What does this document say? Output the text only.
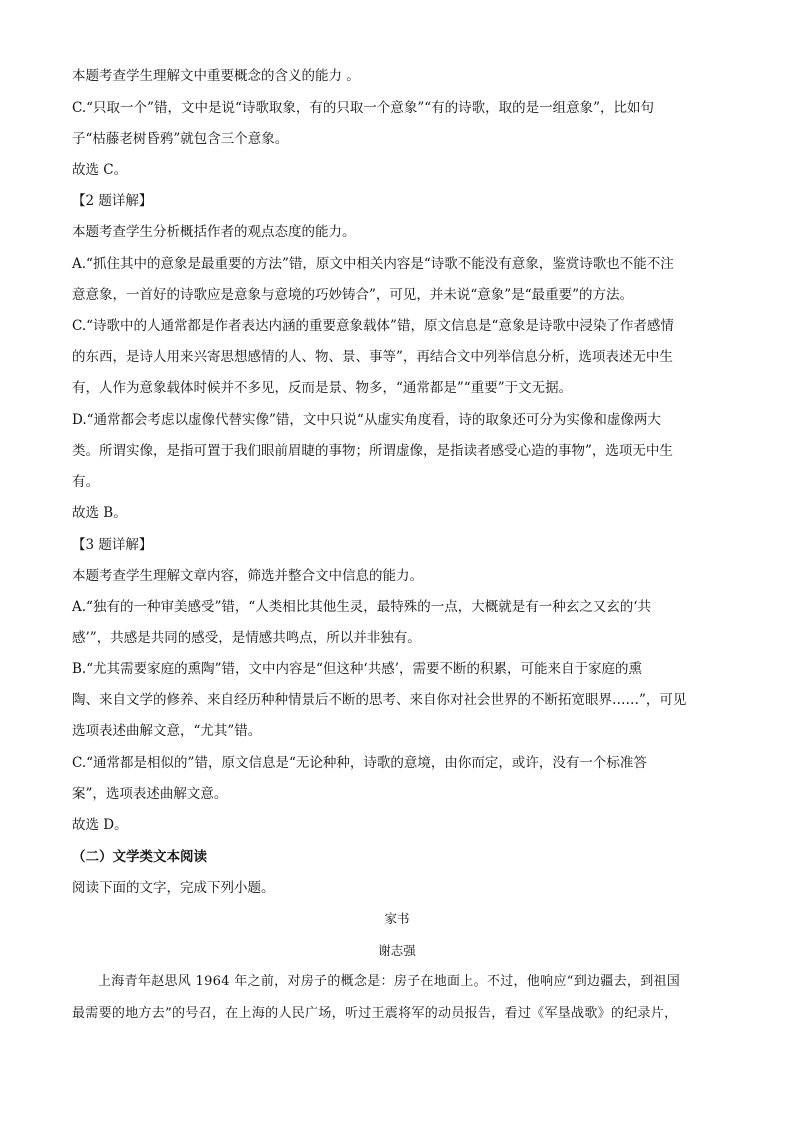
本题考查学生理解文中重要概念的含义的能力 。
C.“只取一个”错，文中是说“诗歌取象，有的只取一个意象”“有的诗歌，取的是一组意象”，比如句
子“枯藤老树昏鸦”就包含三个意象。
故选 C。
【2 题详解】
本题考查学生分析概括作者的观点态度的能力。
A.“抓住其中的意象是最重要的方法”错，原文中相关内容是“诗歌不能没有意象，鉴赏诗歌也不能不注
意意象，一首好的诗歌应是意象与意境的巧妙铸合”，可见，并未说“意象”是“最重要”的方法。
C.“诗歌中的人通常都是作者表达内涵的重要意象载体”错，原文信息是“意象是诗歌中浸染了作者感情
的东西，是诗人用来兴寄思想感情的人、物、景、事等”，再结合文中列举信息分析，选项表述无中生
有，人作为意象载体时候并不多见，反而是景、物多，“通常都是”“重要”于文无据。
D.“通常都会考虑以虚像代替实像”错，文中只说“从虚实角度看，诗的取象还可分为实像和虚像两大
类。所谓实像，是指可置于我们眼前眉睫的事物；所谓虚像，是指读者感受心造的事物”，选项无中生
有。
故选 B。
【3 题详解】
本题考查学生理解文章内容，筛选并整合文中信息的能力。
A.“独有的一种审美感受”错，“人类相比其他生灵，最特殊的一点，大概就是有一种玄之又玄的‘共
感’”，共感是共同的感受，是情感共鸣点，所以并非独有。
B.“尤其需要家庭的熏陶”错，文中内容是“但这种‘共感’，需要不断的积累，可能来自于家庭的熏
陶、来自文学的修养、来自经历种种情景后不断的思考、来自你对社会世界的不断拓宽眼界……”，可见
选项表述曲解文意，“尤其”错。
C.“通常都是相似的”错，原文信息是“无论种种，诗歌的意境，由你而定，或许，没有一个标准答
案”，选项表述曲解文意。
故选 D。
（二）文学类文本阅读
阅读下面的文字，完成下列小题。
家书
谢志强
上海青年赵思风 1964 年之前，对房子的概念是：房子在地面上。不过，他响应“到边疆去，到祖国
最需要的地方去”的号召，在上海的人民广场，听过王震将军的动员报告，看过《军垦战歌》的纪录片，
